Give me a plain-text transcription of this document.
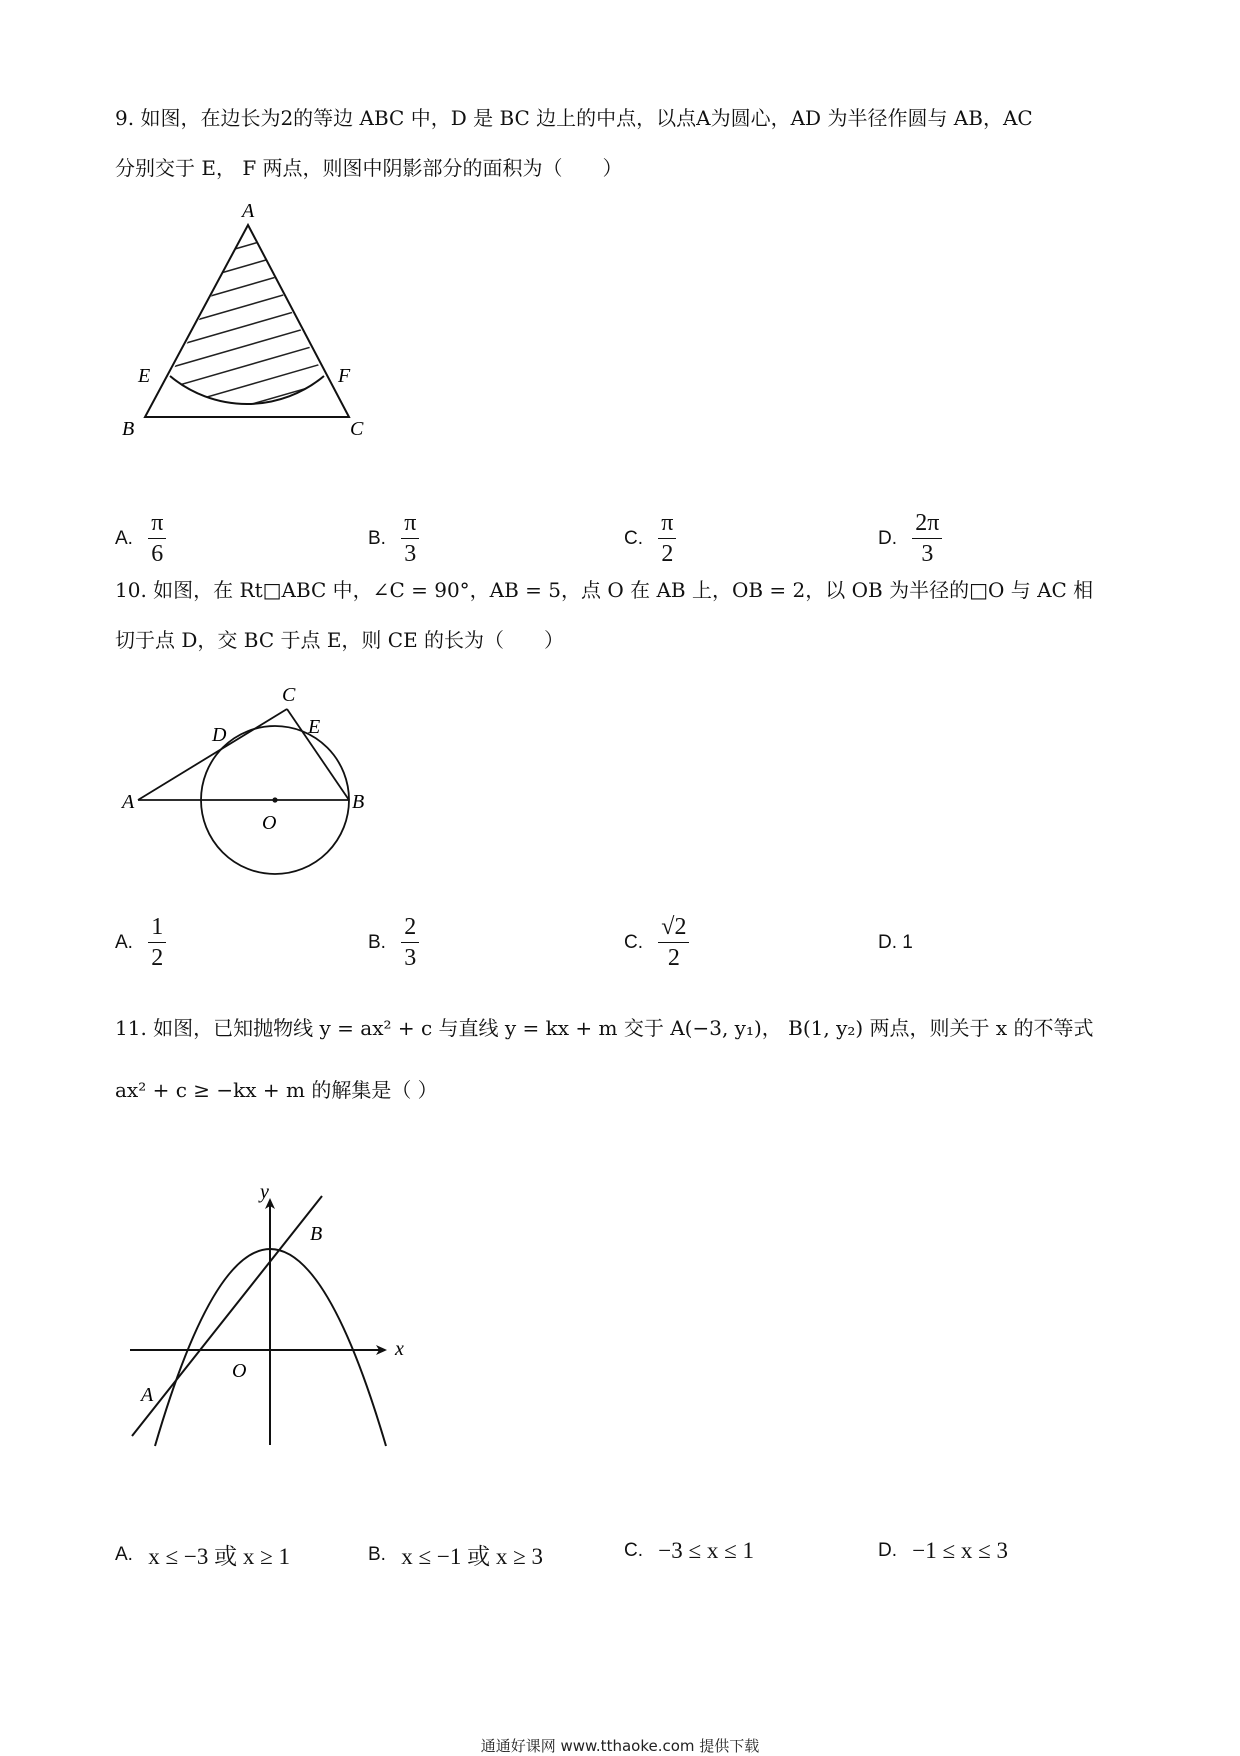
9. 如图，在边长为2的等边 ABC 中，D 是 BC 边上的中点，以点A为圆心，AD 为半径作圆与 AB，AC
分别交于 E， F 两点，则图中阴影部分的面积为（　　）
A
B	C
E	F
A. $\frac{\pi}{6}$	B. $\frac{\pi}{3}$	C. $\frac{\pi}{2}$	D. $\frac{2\pi}{3}$
10. 如图，在 Rt□ABC 中，∠C = 90°，AB = 5，点 O 在 AB 上，OB = 2，以 OB 为半径的□O 与 AC 相
切于点 D，交 BC 于点 E，则 CE 的长为（　　）
A	B
C
D	E
O
A. $\frac{1}{2}$	B. $\frac{2}{3}$	C. $\frac{√2}{2}$	D. 1
11. 如图，已知抛物线 y = ax² + c 与直线 y = kx + m 交于 A(−3, y₁)， B(1, y₂) 两点，则关于 x 的不等式
ax² + c ≥ −kx + m 的解集是（ ）
y
x
O
A
B
A. x ≤ −3 或 x ≥ 1	B. x ≤ −1 或 x ≥ 3	C. −3 ≤ x ≤ 1	D. −1 ≤ x ≤ 3
通通好课网 www.tthaoke.com 提供下载
